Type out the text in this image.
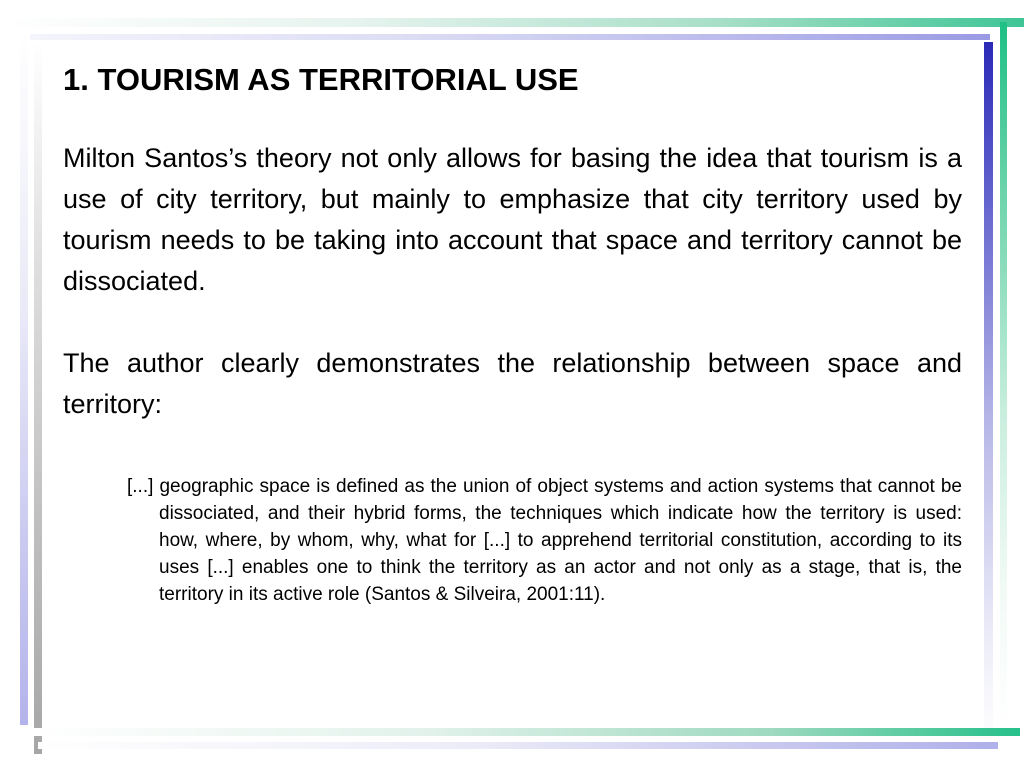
1. TOURISM AS TERRITORIAL USE

Milton Santos’s theory not only allows for basing the idea that tourism is a use of city territory, but mainly to emphasize that city territory used by tourism needs to be taking into account that space and territory cannot be dissociated.

The author clearly demonstrates the relationship between space and territory:

[...] geographic space is defined as the union of object systems and action systems that cannot be dissociated, and their hybrid forms, the techniques which indicate how the territory is used: how, where, by whom, why, what for [...] to apprehend territorial constitution, according to its uses [...] enables one to think the territory as an actor and not only as a stage, that is, the territory in its active role (Santos & Silveira, 2001:11).
